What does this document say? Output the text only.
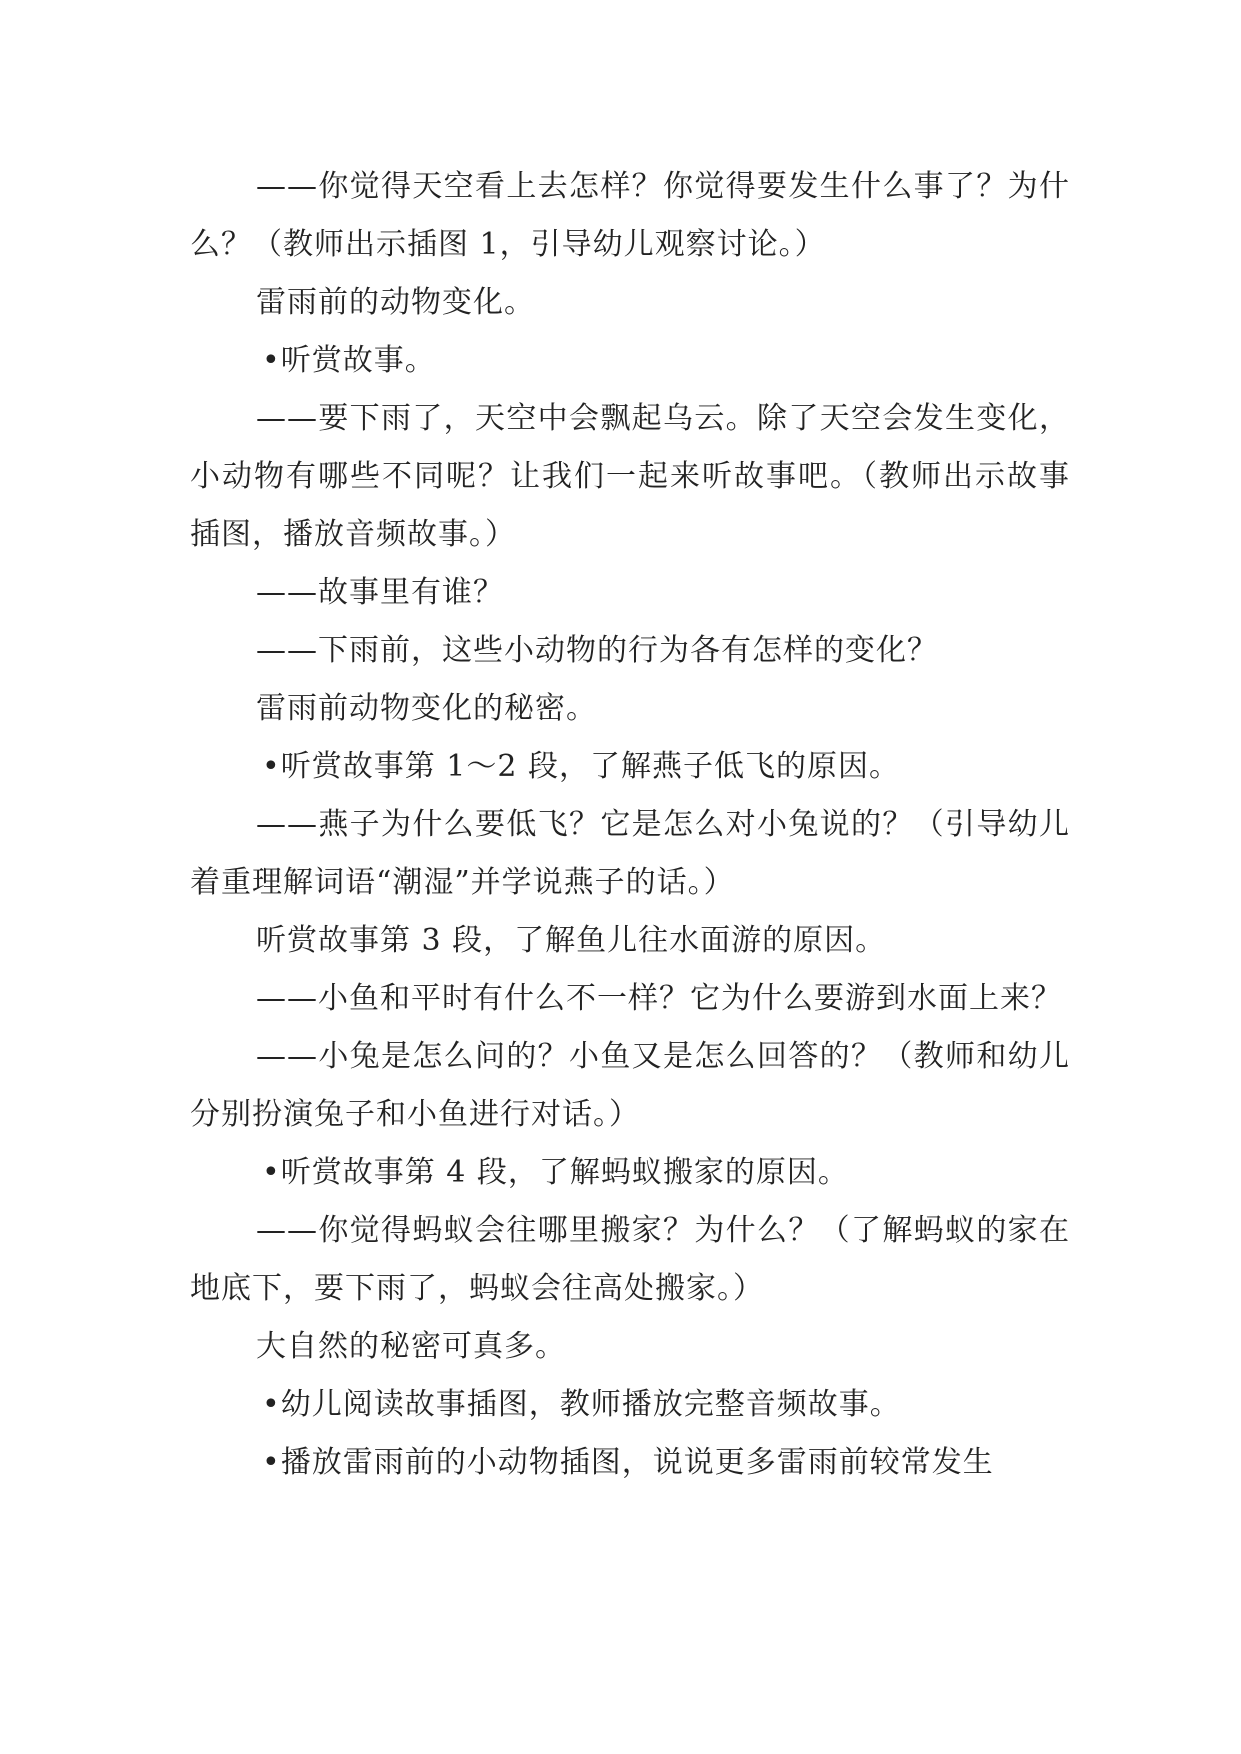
——你觉得天空看上去怎样？你觉得要发生什么事了？为什么？（教师出示插图 1，引导幼儿观察讨论。）

雷雨前的动物变化。

•听赏故事。

——要下雨了，天空中会飘起乌云。除了天空会发生变化，小动物有哪些不同呢？让我们一起来听故事吧。（教师出示故事插图，播放音频故事。）

——故事里有谁？

——下雨前，这些小动物的行为各有怎样的变化？

雷雨前动物变化的秘密。

•听赏故事第 1～2 段，了解燕子低飞的原因。

——燕子为什么要低飞？它是怎么对小兔说的？（引导幼儿着重理解词语“潮湿”并学说燕子的话。）

听赏故事第 3 段，了解鱼儿往水面游的原因。

——小鱼和平时有什么不一样？它为什么要游到水面上来？

——小兔是怎么问的？小鱼又是怎么回答的？（教师和幼儿分别扮演兔子和小鱼进行对话。）

•听赏故事第 4 段，了解蚂蚁搬家的原因。

——你觉得蚂蚁会往哪里搬家？为什么？（了解蚂蚁的家在地底下，要下雨了，蚂蚁会往高处搬家。）

大自然的秘密可真多。

•幼儿阅读故事插图，教师播放完整音频故事。

•播放雷雨前的小动物插图，说说更多雷雨前较常发生
